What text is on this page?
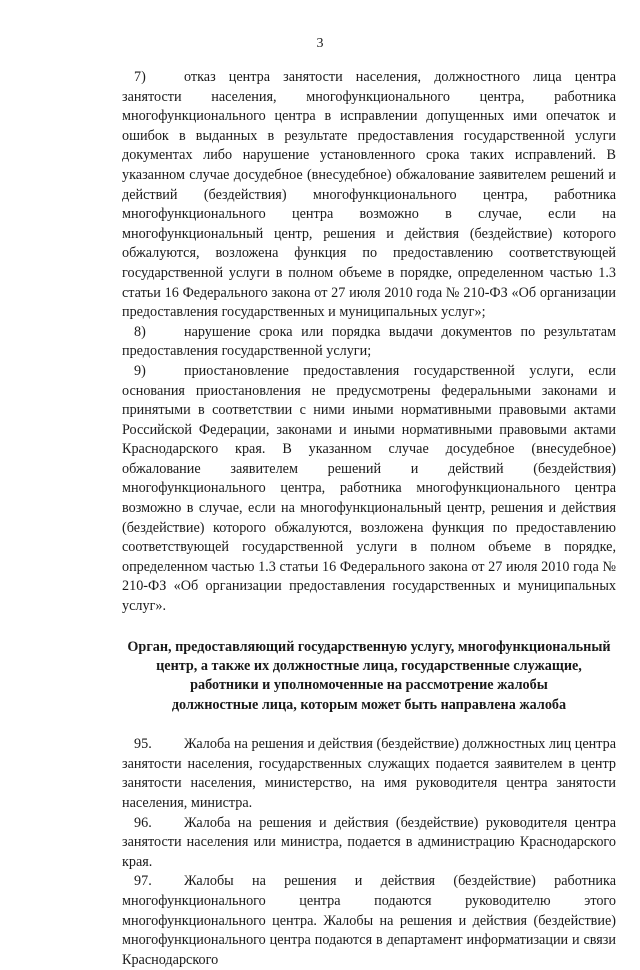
3

7)	отказ центра занятости населения, должностного лица центра занятости населения, многофункционального центра, работника многофункционального центра в исправлении допущенных ими опечаток и ошибок в выданных в результате предоставления государственной услуги документах либо нарушение установленного срока таких исправлений. В указанном случае досудебное (внесудебное) обжалование заявителем решений и действий (бездействия) многофункционального центра, работника многофункционального центра возможно в случае, если на многофункциональный центр, решения и действия (бездействие) которого обжалуются, возложена функция по предоставлению соответствующей государственной услуги в полном объеме в порядке, определенном частью 1.3 статьи 16 Федерального закона от 27 июля 2010 года № 210-ФЗ «Об организации предоставления государственных и муниципальных услуг»;

8)	нарушение срока или порядка выдачи документов по результатам предоставления государственной услуги;

9)	приостановление предоставления государственной услуги, если основания приостановления не предусмотрены федеральными законами и принятыми в соответствии с ними иными нормативными правовыми актами Российской Федерации, законами и иными нормативными правовыми актами Краснодарского края. В указанном случае досудебное (внесудебное) обжалование заявителем решений и действий (бездействия) многофункционального центра, работника многофункционального центра возможно в случае, если на многофункциональный центр, решения и действия (бездействие) которого обжалуются, возложена функция по предоставлению соответствующей государственной услуги в полном объеме в порядке, определенном частью 1.3 статьи 16 Федерального закона от 27 июля 2010 года № 210-ФЗ «Об организации предоставления государственных и муниципальных услуг».

Орган, предоставляющий государственную услугу, многофункциональный
центр, а также их должностные лица, государственные служащие,
работники и уполномоченные на рассмотрение жалобы
должностные лица, которым может быть направлена жалоба

95. Жалоба на решения и действия (бездействие) должностных лиц центра занятости населения, государственных служащих подается заявителем в центр занятости населения, министерство, на имя руководителя центра занятости населения, министра.

96. Жалоба на решения и действия (бездействие) руководителя центра занятости населения или министра, подается в администрацию Краснодарского края.

97. Жалобы на решения и действия (бездействие) работника многофункционального центра подаются руководителю этого многофункционального центра. Жалобы на решения и действия (бездействие) многофункционального центра подаются в департамент информатизации и связи Краснодарского
